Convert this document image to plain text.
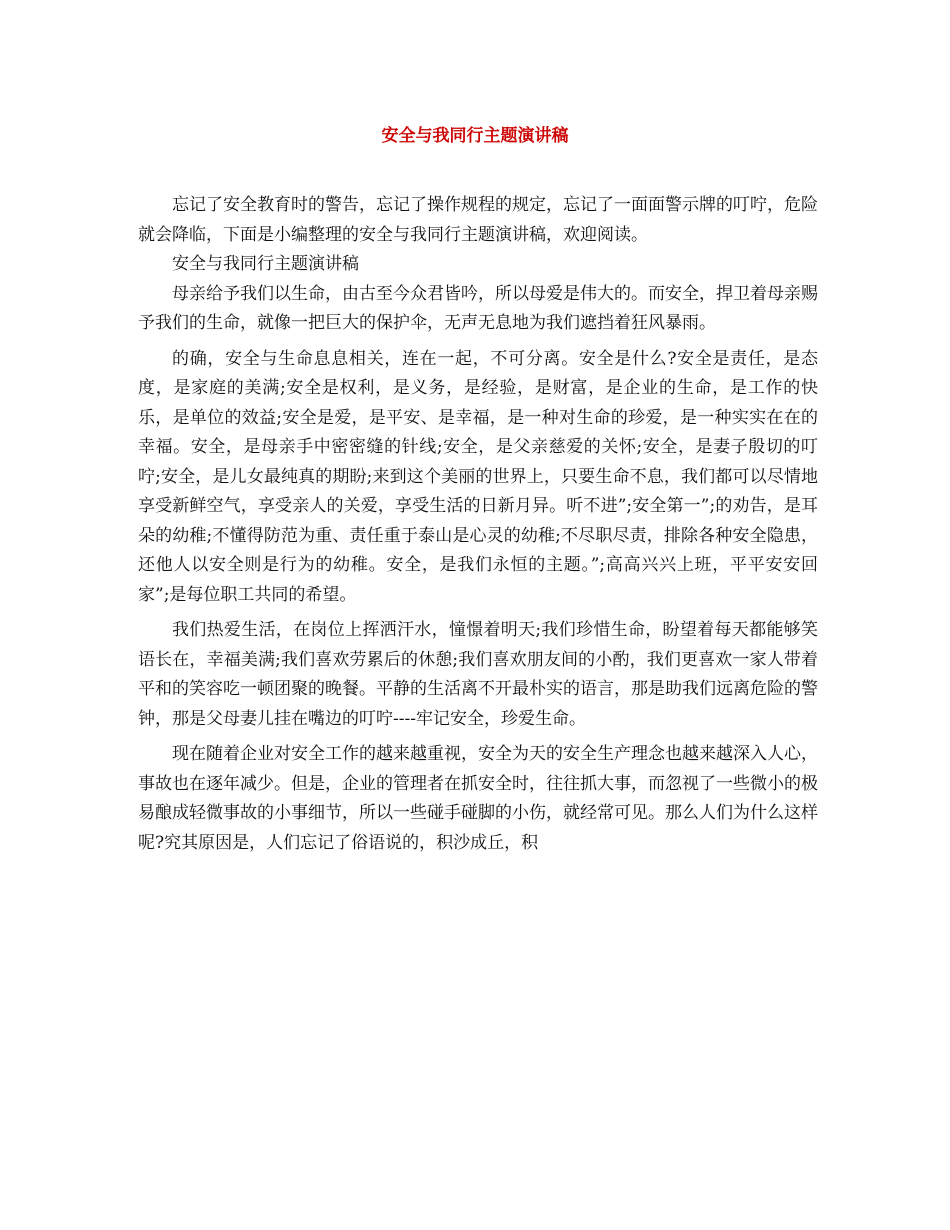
安全与我同行主题演讲稿

忘记了安全教育时的警告，忘记了操作规程的规定，忘记了一面面警示牌的叮咛，危险就会降临，下面是小编整理的安全与我同行主题演讲稿，欢迎阅读。

安全与我同行主题演讲稿

母亲给予我们以生命，由古至今众君皆吟，所以母爱是伟大的。而安全，捍卫着母亲赐予我们的生命，就像一把巨大的保护伞，无声无息地为我们遮挡着狂风暴雨。

的确，安全与生命息息相关，连在一起，不可分离。安全是什么?安全是责任，是态度，是家庭的美满;安全是权利，是义务，是经验，是财富，是企业的生命，是工作的快乐，是单位的效益;安全是爱，是平安、是幸福，是一种对生命的珍爱，是一种实实在在的幸福。安全，是母亲手中密密缝的针线;安全，是父亲慈爱的关怀;安全，是妻子殷切的叮咛;安全，是儿女最纯真的期盼;来到这个美丽的世界上，只要生命不息，我们都可以尽情地享受新鲜空气，享受亲人的关爱，享受生活的日新月异。听不进”;安全第一”;的劝告，是耳朵的幼稚;不懂得防范为重、责任重于泰山是心灵的幼稚;不尽职尽责，排除各种安全隐患，还他人以安全则是行为的幼稚。安全，是我们永恒的主题。”;高高兴兴上班，平平安安回家”;是每位职工共同的希望。

我们热爱生活，在岗位上挥洒汗水，憧憬着明天;我们珍惜生命，盼望着每天都能够笑语长在，幸福美满;我们喜欢劳累后的休憩;我们喜欢朋友间的小酌，我们更喜欢一家人带着平和的笑容吃一顿团聚的晚餐。平静的生活离不开最朴实的语言，那是助我们远离危险的警钟，那是父母妻儿挂在嘴边的叮咛----牢记安全，珍爱生命。

现在随着企业对安全工作的越来越重视，安全为天的安全生产理念也越来越深入人心，事故也在逐年减少。但是，企业的管理者在抓安全时，往往抓大事，而忽视了一些微小的极易酿成轻微事故的小事细节，所以一些碰手碰脚的小伤，就经常可见。那么人们为什么这样呢?究其原因是，人们忘记了俗语说的，积沙成丘，积
